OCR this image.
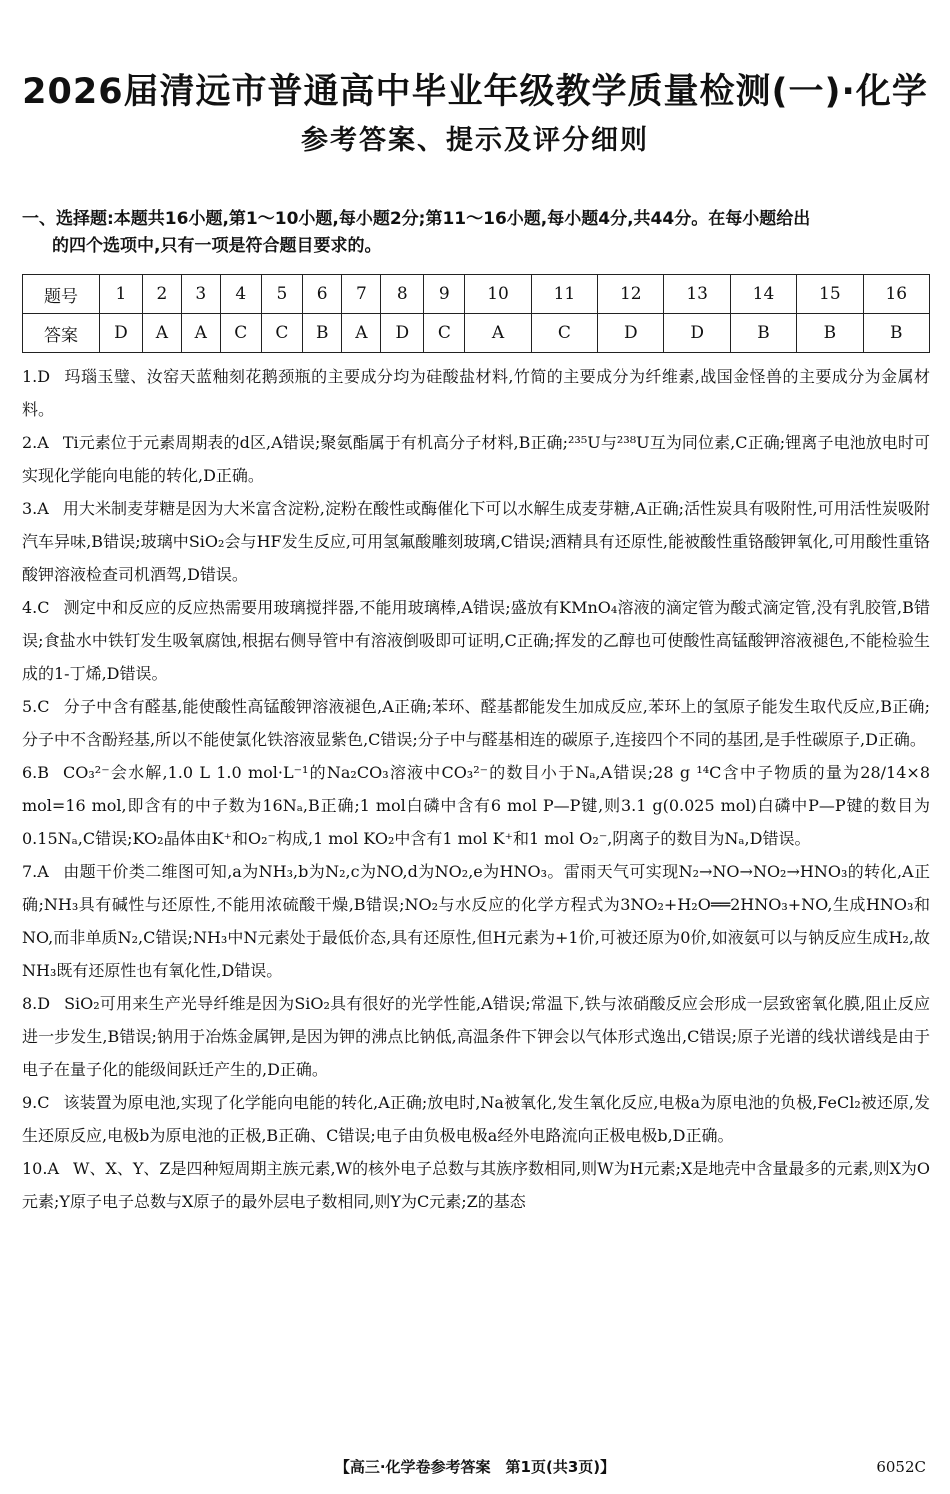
2026届清远市普通高中毕业年级教学质量检测(一)·化学
参考答案、提示及评分细则
一、选择题:本题共16小题,第1～10小题,每小题2分;第11～16小题,每小题4分,共44分。在每小题给出
的四个选项中,只有一项是符合题目要求的。
题号	1	2	3	4	5	6	7	8	9	10	11	12	13	14	15	16
答案	D	A	A	C	C	B	A	D	C	A	C	D	D	B	B	B

1.D 玛瑙玉璧、汝窑天蓝釉刻花鹅颈瓶的主要成分均为硅酸盐材料,竹简的主要成分为纤维素,战国金怪兽的主要成分为金属材料。

2.A Ti元素位于元素周期表的d区,A错误;聚氨酯属于有机高分子材料,B正确;²³⁵U与²³⁸U互为同位素,C正确;锂离子电池放电时可实现化学能向电能的转化,D正确。

3.A 用大米制麦芽糖是因为大米富含淀粉,淀粉在酸性或酶催化下可以水解生成麦芽糖,A正确;活性炭具有吸附性,可用活性炭吸附汽车异味,B错误;玻璃中SiO₂会与HF发生反应,可用氢氟酸雕刻玻璃,C错误;酒精具有还原性,能被酸性重铬酸钾氧化,可用酸性重铬酸钾溶液检查司机酒驾,D错误。

4.C 测定中和反应的反应热需要用玻璃搅拌器,不能用玻璃棒,A错误;盛放有KMnO₄溶液的滴定管为酸式滴定管,没有乳胶管,B错误;食盐水中铁钉发生吸氧腐蚀,根据右侧导管中有溶液倒吸即可证明,C正确;挥发的乙醇也可使酸性高锰酸钾溶液褪色,不能检验生成的1-丁烯,D错误。

5.C 分子中含有醛基,能使酸性高锰酸钾溶液褪色,A正确;苯环、醛基都能发生加成反应,苯环上的氢原子能发生取代反应,B正确;分子中不含酚羟基,所以不能使氯化铁溶液显紫色,C错误;分子中与醛基相连的碳原子,连接四个不同的基团,是手性碳原子,D正确。

6.B CO₃²⁻会水解,1.0 L 1.0 mol·L⁻¹的Na₂CO₃溶液中CO₃²⁻的数目小于Nₐ,A错误;28 g ¹⁴C含中子物质的量为28/14×8 mol=16 mol,即含有的中子数为16Nₐ,B正确;1 mol白磷中含有6 mol P—P键,则3.1 g(0.025 mol)白磷中P—P键的数目为0.15Nₐ,C错误;KO₂晶体由K⁺和O₂⁻构成,1 mol KO₂中含有1 mol K⁺和1 mol O₂⁻,阴离子的数目为Nₐ,D错误。

7.A 由题干价类二维图可知,a为NH₃,b为N₂,c为NO,d为NO₂,e为HNO₃。雷雨天气可实现N₂→NO→NO₂→HNO₃的转化,A正确;NH₃具有碱性与还原性,不能用浓硫酸干燥,B错误;NO₂与水反应的化学方程式为3NO₂+H₂O══2HNO₃+NO,生成HNO₃和NO,而非单质N₂,C错误;NH₃中N元素处于最低价态,具有还原性,但H元素为+1价,可被还原为0价,如液氨可以与钠反应生成H₂,故NH₃既有还原性也有氧化性,D错误。

8.D SiO₂可用来生产光导纤维是因为SiO₂具有很好的光学性能,A错误;常温下,铁与浓硝酸反应会形成一层致密氧化膜,阻止反应进一步发生,B错误;钠用于冶炼金属钾,是因为钾的沸点比钠低,高温条件下钾会以气体形式逸出,C错误;原子光谱的线状谱线是由于电子在量子化的能级间跃迁产生的,D正确。

9.C 该装置为原电池,实现了化学能向电能的转化,A正确;放电时,Na被氧化,发生氧化反应,电极a为原电池的负极,FeCl₂被还原,发生还原反应,电极b为原电池的正极,B正确、C错误;电子由负极电极a经外电路流向正极电极b,D正确。

10.A W、X、Y、Z是四种短周期主族元素,W的核外电子总数与其族序数相同,则W为H元素;X是地壳中含量最多的元素,则X为O元素;Y原子电子总数与X原子的最外层电子数相同,则Y为C元素;Z的基态

【高三·化学卷参考答案　第1页(共3页)】	6052C
